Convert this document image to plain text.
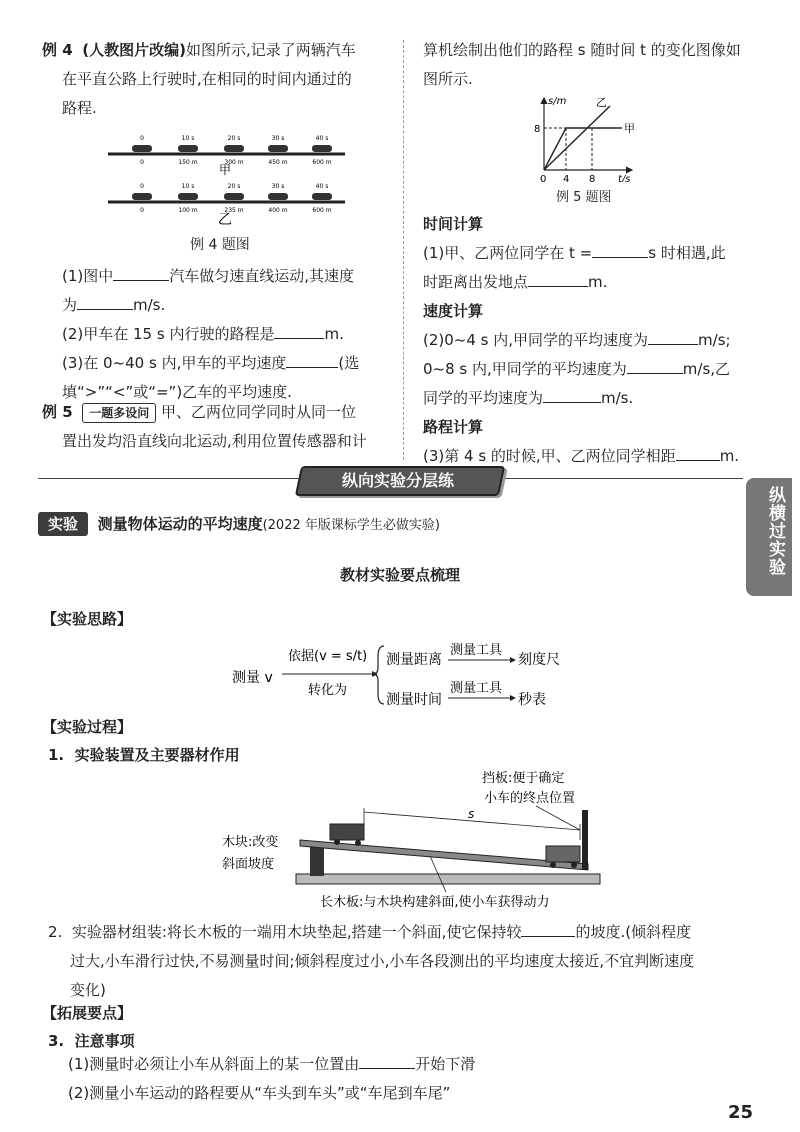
例 4 (人教图片改编)如图所示,记录了两辆汽车

在平直公路上行驶时,在相同的时间内通过的

路程.

0
0
10 s
150 m
20 s
300 m
30 s
450 m
40 s
600 m
0
0
10 s
100 m
20 s
235 m
30 s
400 m
40 s
600 m
甲
乙
例 4 题图

(1)图中	汽车做匀速直线运动,其速度

为	m/s.

(2)甲车在 15 s 内行驶的路程是	m.

(3)在 0~40 s 内,甲车的平均速度	(选

填“>”“<”或“=”)乙车的平均速度.

例 5 一题多设问 甲、乙两位同学同时从同一位

置出发均沿直线向北运动,利用位置传感器和计

算机绘制出他们的路程 s 随时间 t 的变化图像如

图所示.

s/m
t/s
8
0 4 8
甲
乙
例 5 题图

时间计算

(1)甲、乙两位同学在 t =	s 时相遇,此

时距离出发地点	m.

速度计算

(2)0~4 s 内,甲同学的平均速度为	m/s;

0~8 s 内,甲同学的平均速度为	m/s,乙

同学的平均速度为	m/s.

路程计算

(3)第 4 s 的时候,甲、乙两位同学相距	m.

纵向实验分层练
纵横过实验
实验 测量物体运动的平均速度(2022 年版课标学生必做实验)
教材实验要点梳理
【实验思路】
测量 v
依据(v = s/t)
转化为
测量距离
测量工具
刻度尺
测量时间
测量工具
秒表
【实验过程】
1.  实验装置及主要器材作用
挡板:便于确定
小车的终点位置
木块:改变
斜面坡度
s
长木板:与木块构建斜面,使小车获得动力

2.  实验器材组装:将长木板的一端用木块垫起,搭建一个斜面,使它保持较	的坡度.(倾斜程度

过大,小车滑行过快,不易测量时间;倾斜程度过小,小车各段测出的平均速度太接近,不宜判断速度

变化)

【拓展要点】
3.  注意事项

(1)测量时必须让小车从斜面上的某一位置由	开始下滑

(2)测量小车运动的路程要从“车头到车头”或“车尾到车尾”

25
